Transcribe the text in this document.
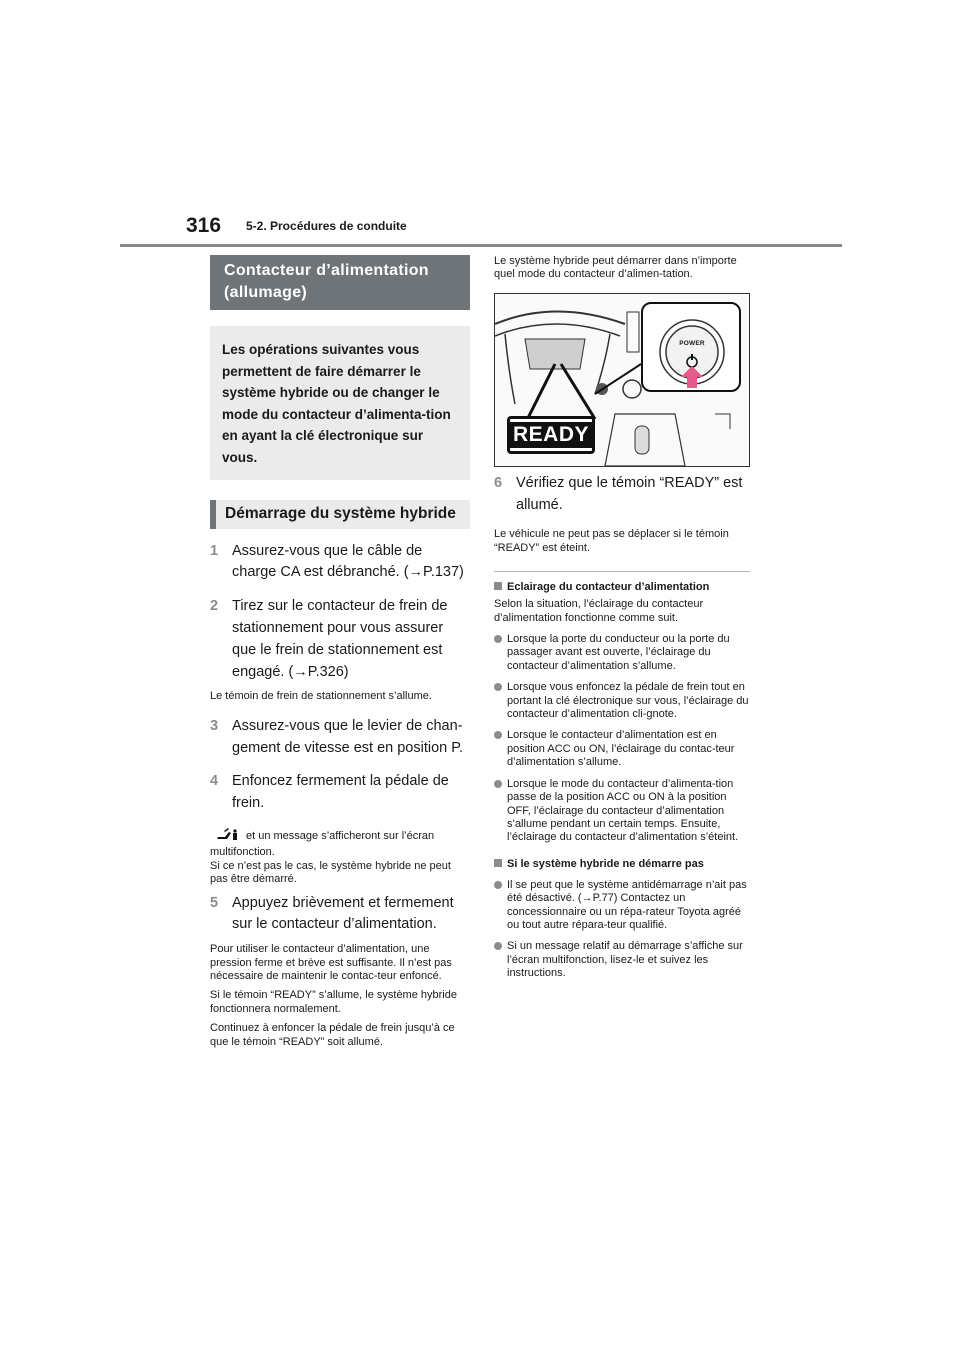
316 5-2. Procédures de conduite
Contacteur d’alimentation (allumage)
Les opérations suivantes vous permettent de faire démarrer le système hybride ou de changer le mode du contacteur d’alimenta-tion en ayant la clé électronique sur vous.
Démarrage du système hybride
1 Assurez-vous que le câble de charge CA est débranché. (→P.137)
2 Tirez sur le contacteur de frein de stationnement pour vous assurer que le frein de stationnement est engagé. (→P.326)

Le témoin de frein de stationnement s’allume.

3 Assurez-vous que le levier de chan-gement de vitesse est en position P.
4 Enfoncez fermement la pédale de frein.

et un message s’afficheront sur l’écran multifonction.
Si ce n’est pas le cas, le système hybride ne peut pas être démarré.

5 Appuyez brièvement et fermement sur le contacteur d’alimentation.

Pour utiliser le contacteur d’alimentation, une pression ferme et brève est suffisante. Il n’est pas nécessaire de maintenir le contac-teur enfoncé.

Si le témoin “READY” s’allume, le système hybride fonctionnera normalement.

Continuez à enfoncer la pédale de frein jusqu’à ce que le témoin “READY” soit allumé.

Le système hybride peut démarrer dans n’importe quel mode du contacteur d’alimen-tation.
READY
POWER
6 Vérifiez que le témoin “READY” est allumé.

Le véhicule ne peut pas se déplacer si le témoin “READY” est éteint.

Eclairage du contacteur d’alimentation
Selon la situation, l’éclairage du contacteur d’alimentation fonctionne comme suit.
Lorsque la porte du conducteur ou la porte du passager avant est ouverte, l’éclairage du contacteur d’alimentation s’allume.
Lorsque vous enfoncez la pédale de frein tout en portant la clé électronique sur vous, l’éclairage du contacteur d’alimentation cli-gnote.
Lorsque le contacteur d’alimentation est en position ACC ou ON, l’éclairage du contac-teur d’alimentation s’allume.
Lorsque le mode du contacteur d’alimenta-tion passe de la position ACC ou ON à la position OFF, l’éclairage du contacteur d’alimentation s’allume pendant un certain temps. Ensuite, l’éclairage du contacteur d’alimentation s’éteint.
Si le système hybride ne démarre pas
Il se peut que le système antidémarrage n’ait pas été désactivé. (→P.77) Contactez un concessionnaire ou un répa-rateur Toyota agréé ou tout autre répara-teur qualifié.
Si un message relatif au démarrage s’affiche sur l’écran multifonction, lisez-le et suivez les instructions.
